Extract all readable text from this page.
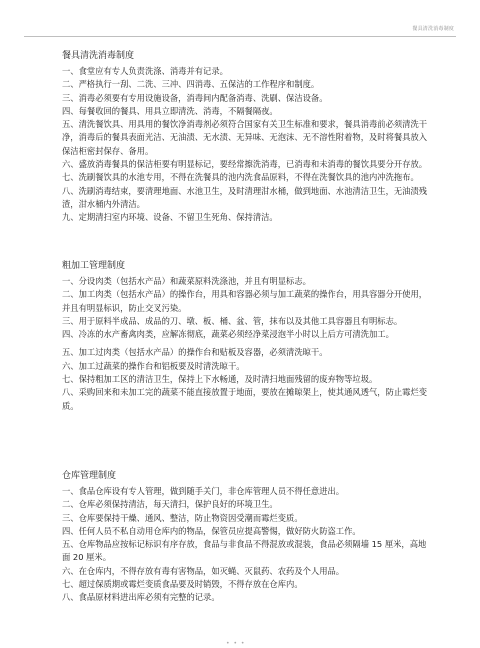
餐具清洗消毒制度
餐具清洗消毒制度

一、食堂应有专人负责洗涤、消毒并有记录。

二、严格执行一刮、二洗、三冲、四消毒、五保洁的工作程序和制度。

三、消毒必须要有专用设施设备，消毒间内配备消毒、洗刷、保洁设备。

四、每餐收回的餐具、用具立即清洗、消毒，不隔餐隔夜。

五、清洗餐饮具、用具用的餐饮净消毒剂必须符合国家有关卫生标准和要求，餐具消毒前必须清洗干净，消毒后的餐具表面光洁、无油渍、无水渍、无异味、无泡沫、无不溶性附着物，及时将餐具放入保洁柜密封保存、备用。

六、盛放消毒餐具的保洁柜要有明显标记，要经常擦洗消毒，已消毒和未消毒的餐饮具要分开存放。

七、洗刷餐饮具的水池专用，不得在洗餐具的池内洗食品原料，不得在洗餐饮具的池内冲洗拖布。

八、洗刷消毒结束，要清理地面、水池卫生，及时清理泔水桶，做到地面、水池清洁卫生，无油渍残渣，泔水桶内外清洁。

九、定期清扫室内环境、设备、不留卫生死角、保持清洁。

粗加工管理制度

一、分设肉类（包括水产品）和蔬菜原料洗涤池，并且有明显标志。

二、加工肉类（包括水产品）的操作台，用具和容器必须与加工蔬菜的操作台，用具容器分开使用，并且有明显标识，防止交叉污染。

三、用于原料半成品、成品的刀、墩、板、桶、盆、管，抹布以及其他工具容器且有明标志。

四、冷冻的水产畜禽肉类，应解冻彻底，蔬菜必须经净菜浸泡半小时以上后方可清洗加工。

五、加工过肉类（包括水产品）的操作台和贴板及容器，必须清洗晾干。

六、加工过蔬菜的操作台和铝板要及时清洗晾干。

七、保持粗加工区的清洁卫生，保持上下水畅通，及时清扫地面残留的废弃物等垃圾。

八、采购回来和未加工完的蔬菜不能直接放置于地面，要放在摊晾架上，使其通风透气，防止霉烂变质。

仓库管理制度

一、食品仓库设有专人管理，做到随手关门，非仓库管理人员不得任意进出。

二、仓库必须保持清洁，每天清扫，保护良好的环境卫生。

三、仓库要保持干燥、通风、整洁，防止物资因受潮而霉烂变质。

四、任何人员不私自动用仓库内的物品，保管员应提高警惕，做好防火防盗工作。

五、仓库物品应按标记标识有序存放，食品与非食品不得混放或混装，食品必须隔墙 15 厘米，高地面 20 厘米。

六、在仓库内，不得存放有毒有害物品，如灭蝇、灭鼠药、农药及个人用品。

七、超过保质期或霉烂变质食品要及时销毁，不得存放在仓库内。

八、食品原材料进出库必须有完整的记录。

• • •
